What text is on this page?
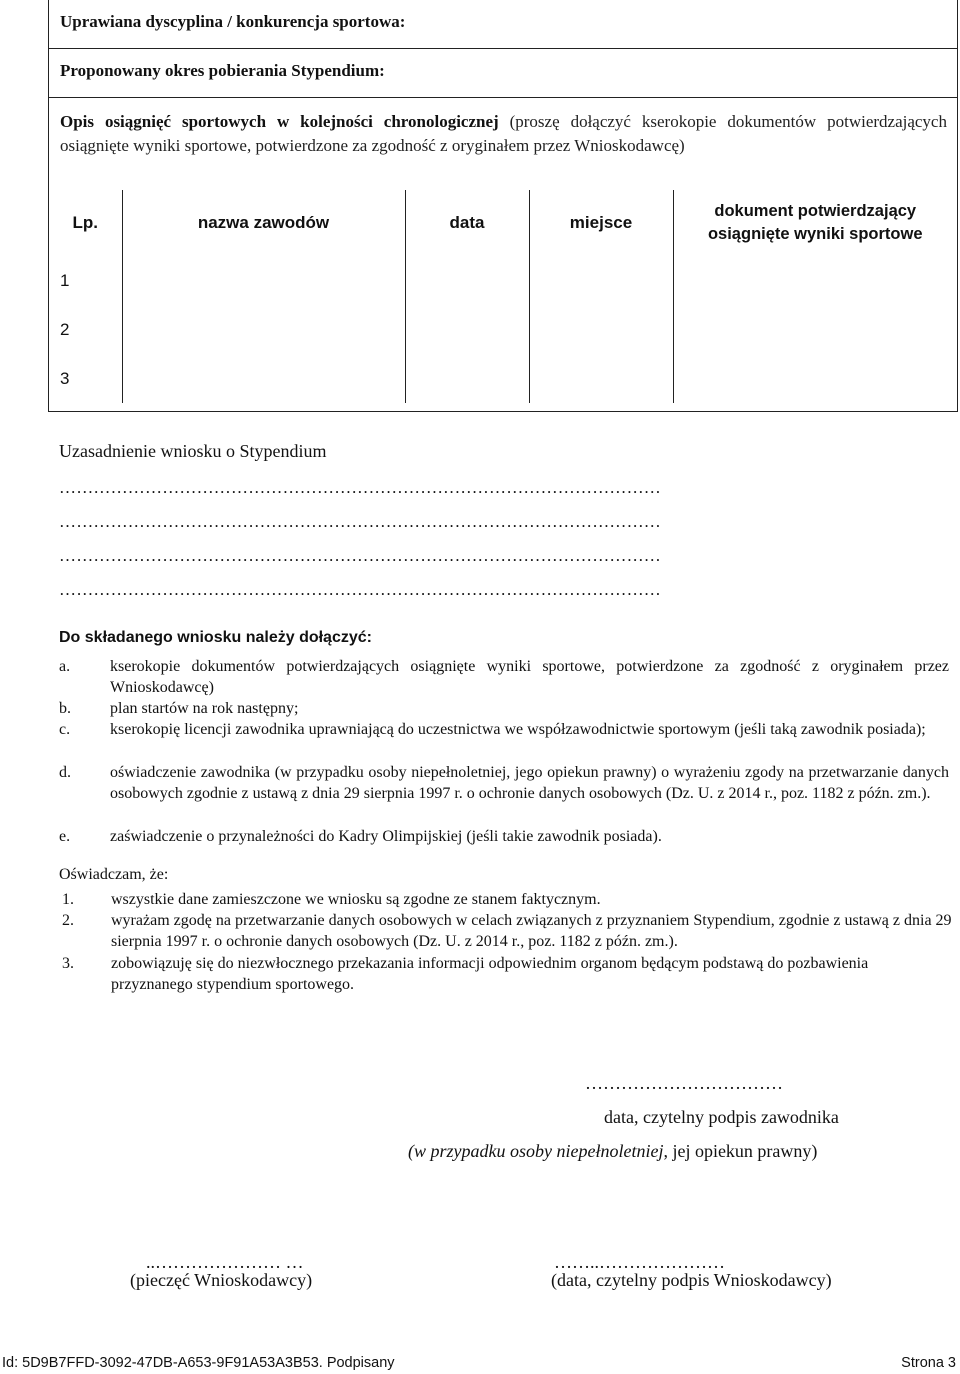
Uprawiana dyscyplina / konkurencja sportowa:
Proponowany okres pobierania Stypendium:
Opis osiągnięć sportowych w kolejności chronologicznej (proszę dołączyć kserokopie dokumentów potwierdzających osiągnięte wyniki sportowe, potwierdzone za zgodność z oryginałem przez Wnioskodawcę)
Lp.	nazwa zawodów	data	miejsce	dokument potwierdzający osiągnięte wyniki sportowe
1				
2				
3				
Uzasadnienie wniosku o Stypendium
……………………………………………………………………………………………
……………………………………………………………………………………………
……………………………………………………………………………………………
……………………………………………………………………………………………
Do składanego wniosku należy dołączyć:
a. kserokopie dokumentów potwierdzających osiągnięte wyniki sportowe, potwierdzone za zgodność z oryginałem przez Wnioskodawcę)
b. plan startów na rok następny;
c. kserokopię licencji zawodnika uprawniającą do uczestnictwa we współzawodnictwie sportowym (jeśli taką zawodnik posiada);
d. oświadczenie zawodnika (w przypadku osoby niepełnoletniej, jego opiekun prawny) o wyrażeniu zgody na przetwarzanie danych osobowych zgodnie z ustawą z dnia 29 sierpnia 1997 r. o ochronie danych osobowych (Dz. U. z 2014 r., poz. 1182 z późn. zm.).
e. zaświadczenie o przynależności do Kadry Olimpijskiej (jeśli takie zawodnik posiada).
Oświadczam, że:
1. wszystkie dane zamieszczone we wniosku są zgodne ze stanem faktycznym.
2. wyrażam zgodę na przetwarzanie danych osobowych w celach związanych z przyznaniem Stypendium, zgodnie z ustawą z dnia 29 sierpnia 1997 r. o ochronie danych osobowych (Dz. U. z 2014 r., poz. 1182 z późn. zm.).
3. zobowiązuję się do niezwłocznego przekazania informacji odpowiednim organom będącym podstawą do pozbawienia przyznanego stypendium sportowego.
……………………………
data, czytelny podpis zawodnika
(w przypadku osoby niepełnoletniej, jej opiekun prawny)
..………………… …
(pieczęć Wnioskodawcy)
……..…………………
(data, czytelny podpis Wnioskodawcy)
Id: 5D9B7FFD-3092-47DB-A653-9F91A53A3B53. Podpisany	Strona 3
